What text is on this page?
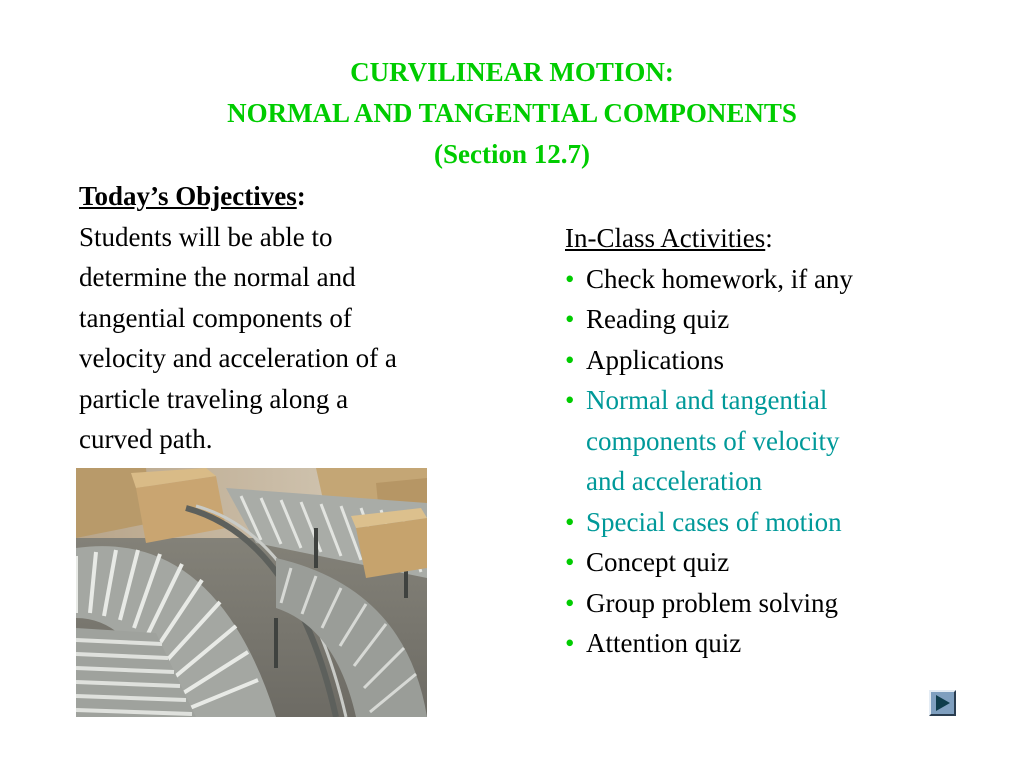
CURVILINEAR MOTION:
NORMAL AND TANGENTIAL COMPONENTS
(Section 12.7)
Today’s Objectives:
Students will be able to
determine the normal and
tangential components of
velocity and acceleration of a
particle traveling along a
curved path.
In-Class Activities:
• Check homework, if any
• Reading quiz
• Applications
• Normal and tangential
components of velocity
and acceleration
• Special cases of motion
• Concept quiz
• Group problem solving
• Attention quiz
